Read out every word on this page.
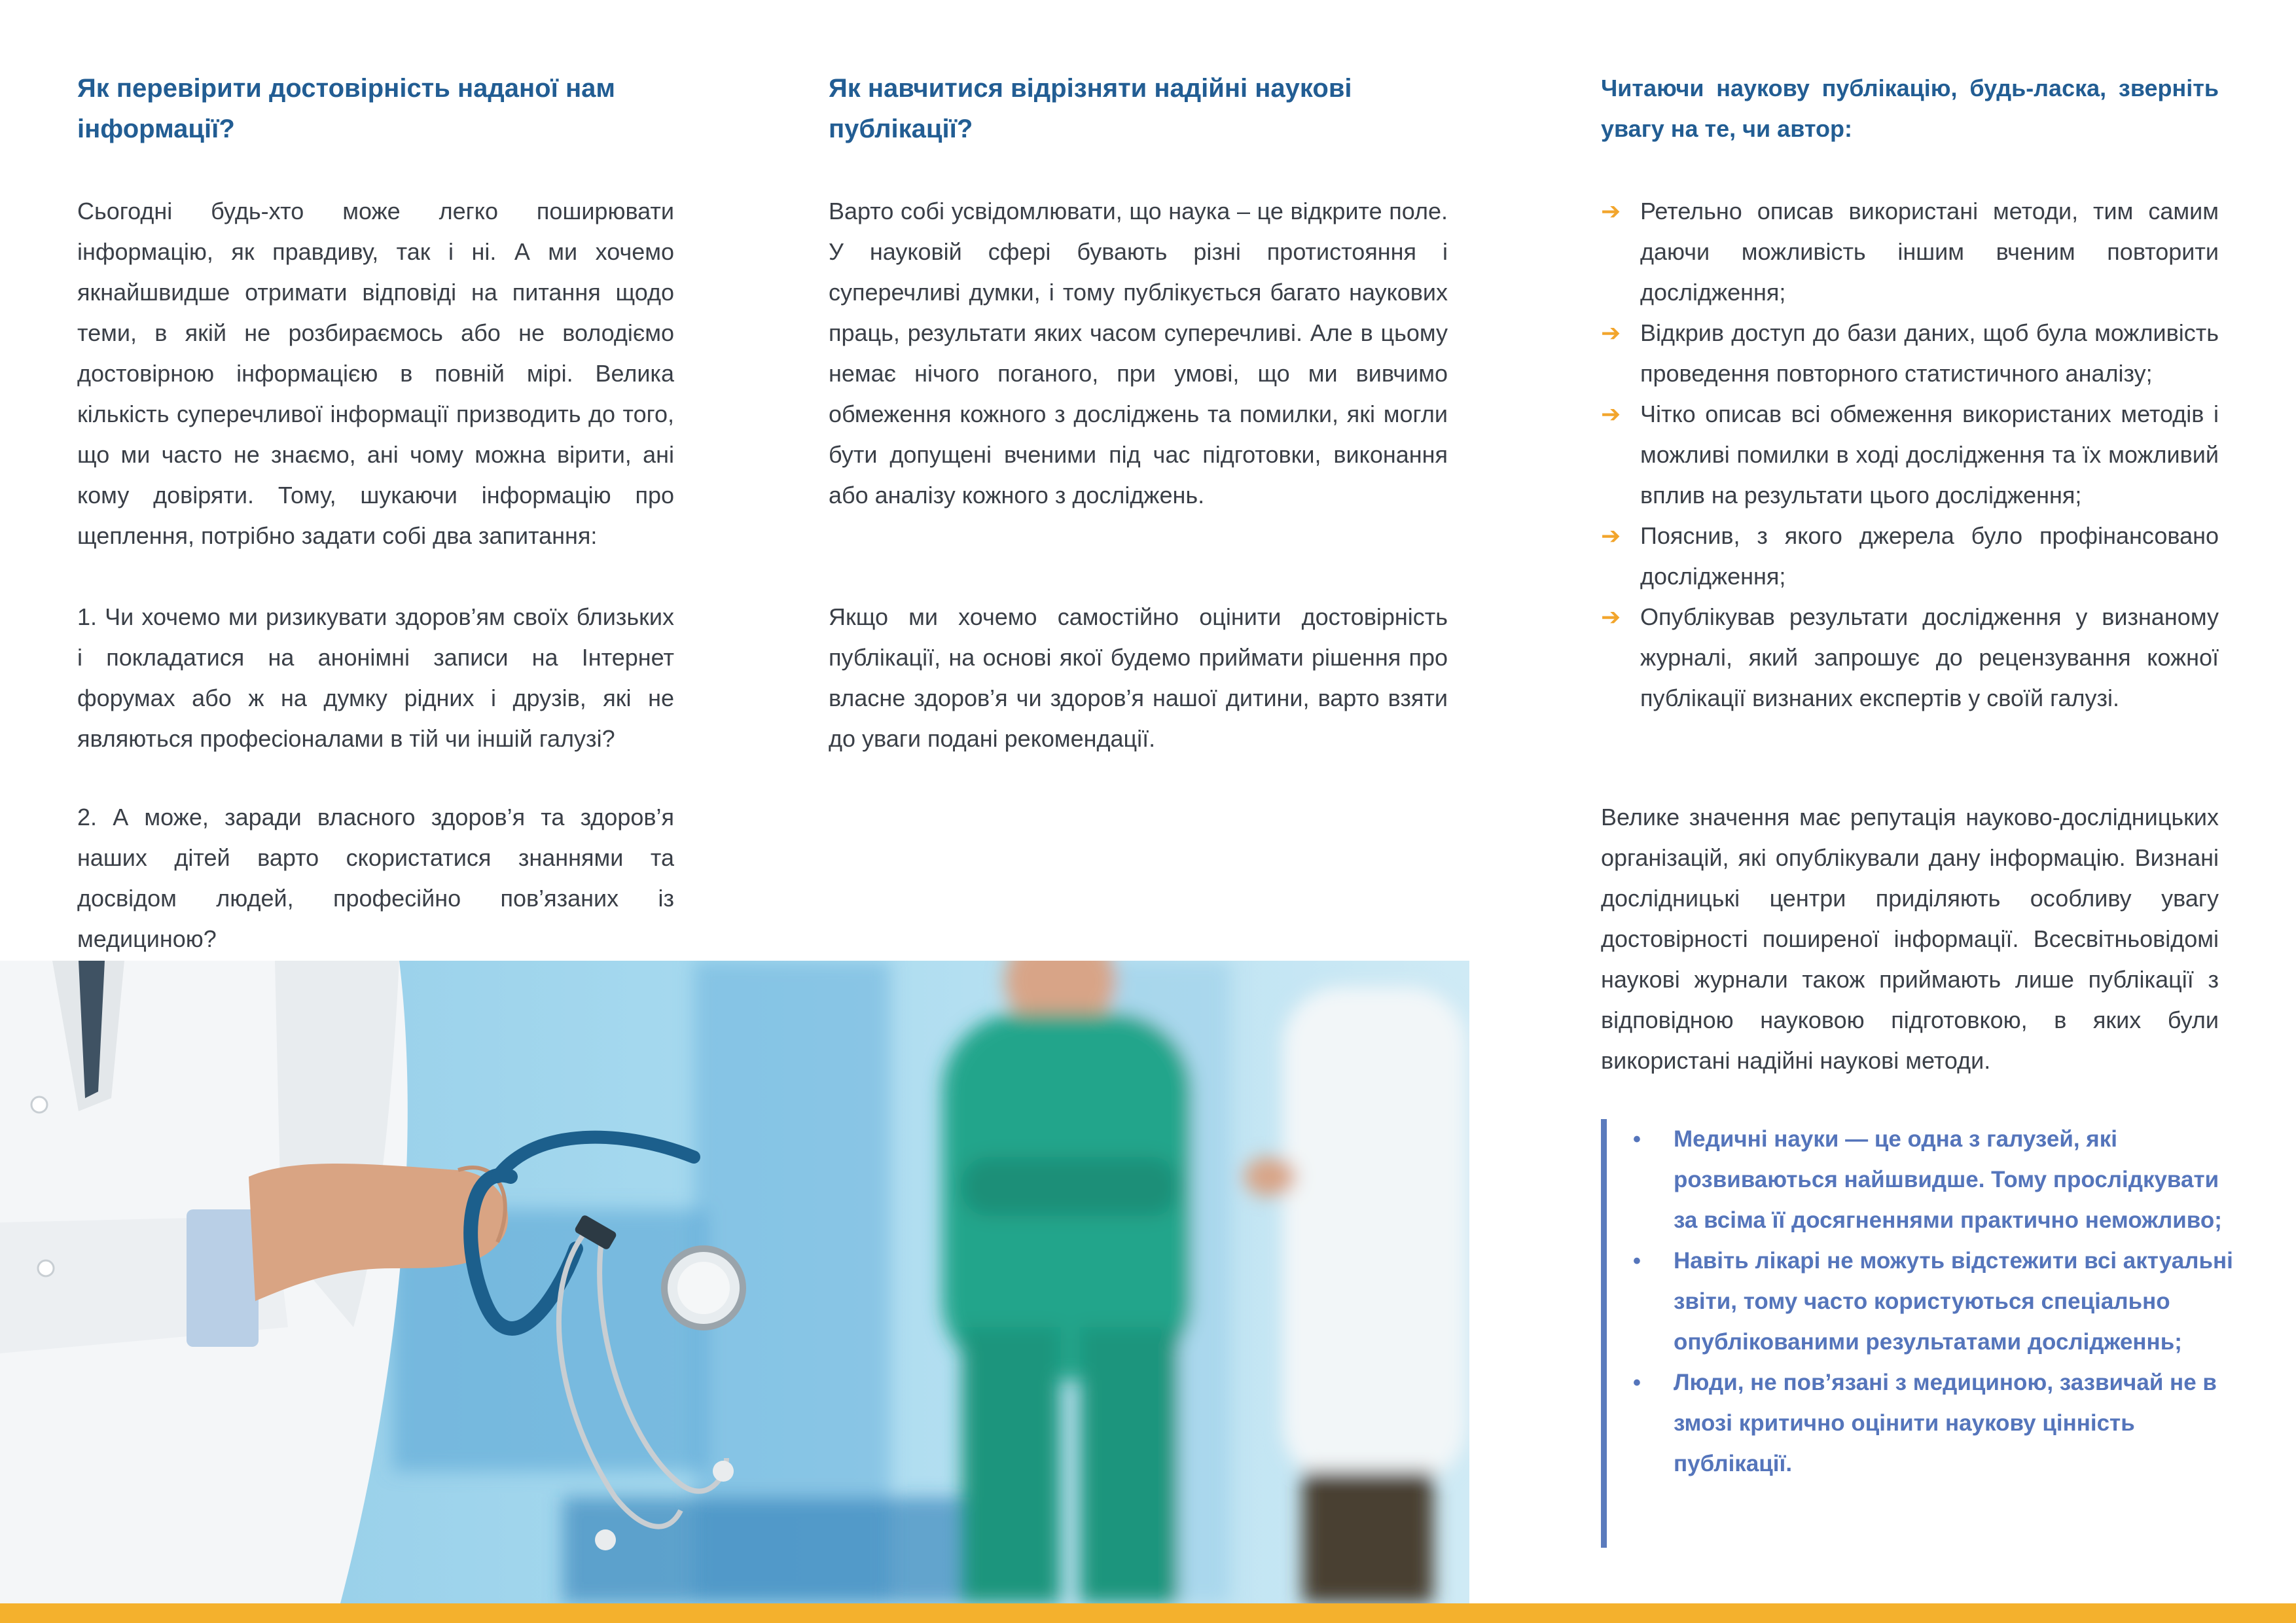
Як перевірити достовірність наданої нам інформації?

Сьогодні будь-хто може легко поширювати інформацію, як правдиву, так і ні. А ми хочемо якнайшвидше отримати відповіді на питання щодо теми, в якій не розбираємось або не володіємо достовірною інформацією в повній мірі. Велика кількість суперечливої інформації призводить до того, що ми часто не знаємо, ані чому можна вірити, ані кому довіряти. Тому, шукаючи інформацію про щеплення, потрібно задати собі два запитання:

1. Чи хочемо ми ризикувати здоров’ям своїх близьких і покладатися на анонімні записи на Інтернет форумах або ж на думку рідних і друзів, які не являються професіоналами в тій чи іншій галузі?

2. А може, заради власного здоров’я та здоров’я наших дітей варто скористатися знаннями та досвідом людей, професійно пов’язаних із медициною?

Як навчитися відрізняти надійні наукові публікації?

Варто собі усвідомлювати, що наука – це відкрите поле. У науковій сфері бувають різні протистояння і суперечливі думки, і тому публікується багато наукових праць, результати яких часом суперечливі. Але в цьому немає нічого поганого, при умові, що ми вивчимо обмеження кожного з досліджень та помилки, які могли бути допущені вченими під час підготовки, виконання або аналізу кожного з досліджень.

Якщо ми хочемо самостійно оцінити достовірність публікації, на основі якої будемо приймати рішення про власне здоров’я чи здоров’я нашої дитини, варто взяти до уваги подані рекомендації.

Читаючи наукову публікацію, будь-ласка, зверніть увагу на те, чи автор:
➔ Ретельно описав використані методи, тим самим даючи можливість іншим вченим повторити дослідження;
➔ Відкрив доступ до бази даних, щоб була можливість проведення повторного статистичного аналізу;
➔ Чітко описав всі обмеження використаних методів і можливі помилки в ході дослідження та їх можливий вплив на результати цього дослідження;
➔ Пояснив, з якого джерела було профінансовано дослідження;
➔ Опублікував результати дослідження у визнаному журналі, який запрошує до рецензування кожної публікації визнаних експертів у своїй галузі.

Велике значення має репутація науково-дослідницьких організацій, які опублікували дану інформацію. Визнані дослідницькі центри приділяють особливу увагу достовірності поширеної інформації. Всесвітньовідомі наукові журнали також приймають лише публікації з відповідною науковою підготовкою, в яких були використані надійні наукові методи.

• Медичні науки — це одна з галузей, які розвиваються найшвидше. Тому прослідкувати за всіма її досягненнями практично неможливо;
• Навіть лікарі не можуть відстежити всі актуальні звіти, тому часто користуються спеціально опублікованими результатами дослідженнь;
• Люди, не пов’язані з медициною, зазвичай не в змозі критично оцінити наукову цінність публікації.
